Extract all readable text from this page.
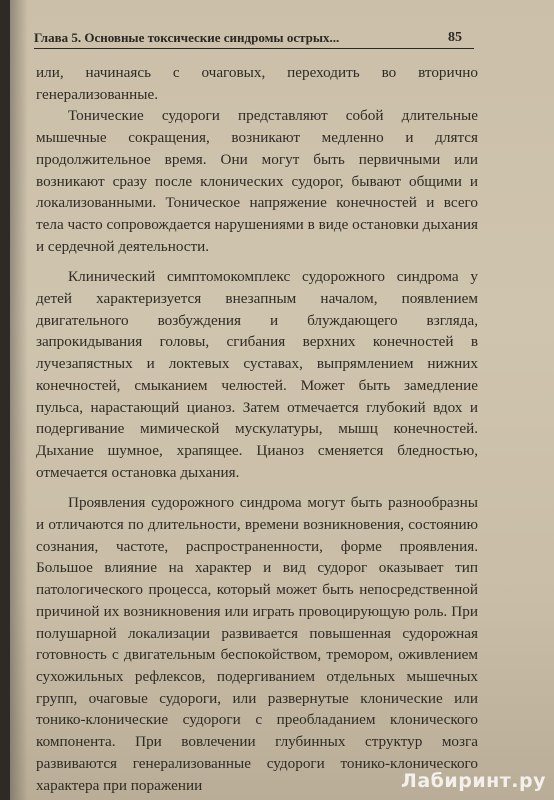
Глава 5. Основные токсические синдромы острых...	85

или, начинаясь с очаговых, переходить во вторично генерализованные.

Тонические судороги представляют собой длительные мышечные сокращения, возникают медленно и длятся продолжительное время. Они могут быть первичными или возникают сразу после клонических судорог, бывают общими и локализованными. Тоническое напряжение конечностей и всего тела часто сопровождается нарушениями в виде остановки дыхания и сердечной деятельности.

Клинический симптомокомплекс судорожного синдрома у детей характеризуется внезапным началом, появлением двигательного возбуждения и блуждающего взгляда, запрокидывания головы, сгибания верхних конечностей в лучезапястных и локтевых суставах, выпрямлением нижних конечностей, смыканием челюстей. Может быть замедление пульса, нарастающий цианоз. Затем отмечается глубокий вдох и подергивание мимической мускулатуры, мышц конечностей. Дыхание шумное, храпящее. Цианоз сменяется бледностью, отмечается остановка дыхания.

Проявления судорожного синдрома могут быть разнообразны и отличаются по длительности, времени возникновения, состоянию сознания, частоте, распространенности, форме проявления. Большое влияние на характер и вид судорог оказывает тип патологического процесса, который может быть непосредственной причиной их возникновения или играть провоцирующую роль. При полушарной локализации развивается повышенная судорожная готовность с двигательным беспокойством, тремором, оживлением сухожильных рефлексов, подергиванием отдельных мышечных групп, очаговые судороги, или развернутые клонические или тонико-клонические судороги с преобладанием клонического компонента. При вовлечении глубинных структур мозга развиваются генерализованные судороги тонико-клонического характера при поражении	Лабиринт.ру
